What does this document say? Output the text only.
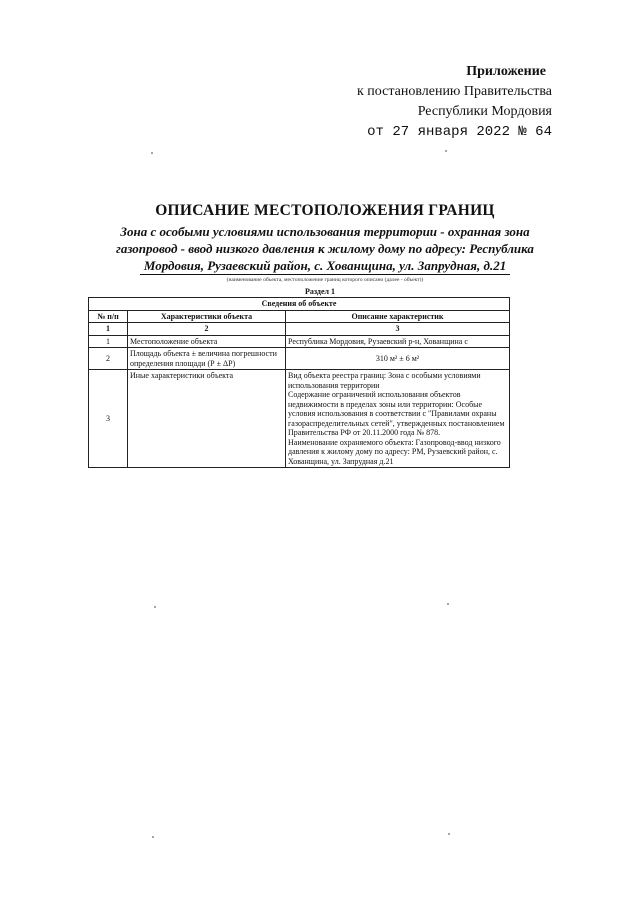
Приложение
к постановлению Правительства
Республики Мордовия
от 27 января 2022 № 64
ОПИСАНИЕ МЕСТОПОЛОЖЕНИЯ ГРАНИЦ
Зона с особыми условиями использования территории - охранная зона
газопровод - ввод низкого давления к жилому дому по адресу: Республика
Мордовия, Рузаевский район, с. Хованщина, ул. Запрудная, д.21
(наименование объекта, местоположение границ которого описано (далее - объект))
Раздел 1
Сведения об объекте		
№ п/п	Характеристики объекта	Описание характеристик
1	2	3
1	Местоположение объекта	Республика Мордовия, Рузаевский р-н, Хованщина с
2	Площадь объекта ± величина погрешности определения площади (Р ± ΔР)	310 м² ± 6 м²
3	Иные характеристики объекта	Вид объекта реестра границ: Зона с особыми условиями использования территории
Содержание ограничений использования объектов недвижимости в пределах зоны или территории: Особые условия использования в соответствии с "Правилами охраны газораспределительных сетей", утвержденных постановлением Правительства РФ от 20.11.2000 года № 878.
Наименование охраняемого объекта: Газопровод-ввод низкого давления к жилому дому по адресу: РМ, Рузаевский район, с. Хованщина, ул. Запрудная д.21
